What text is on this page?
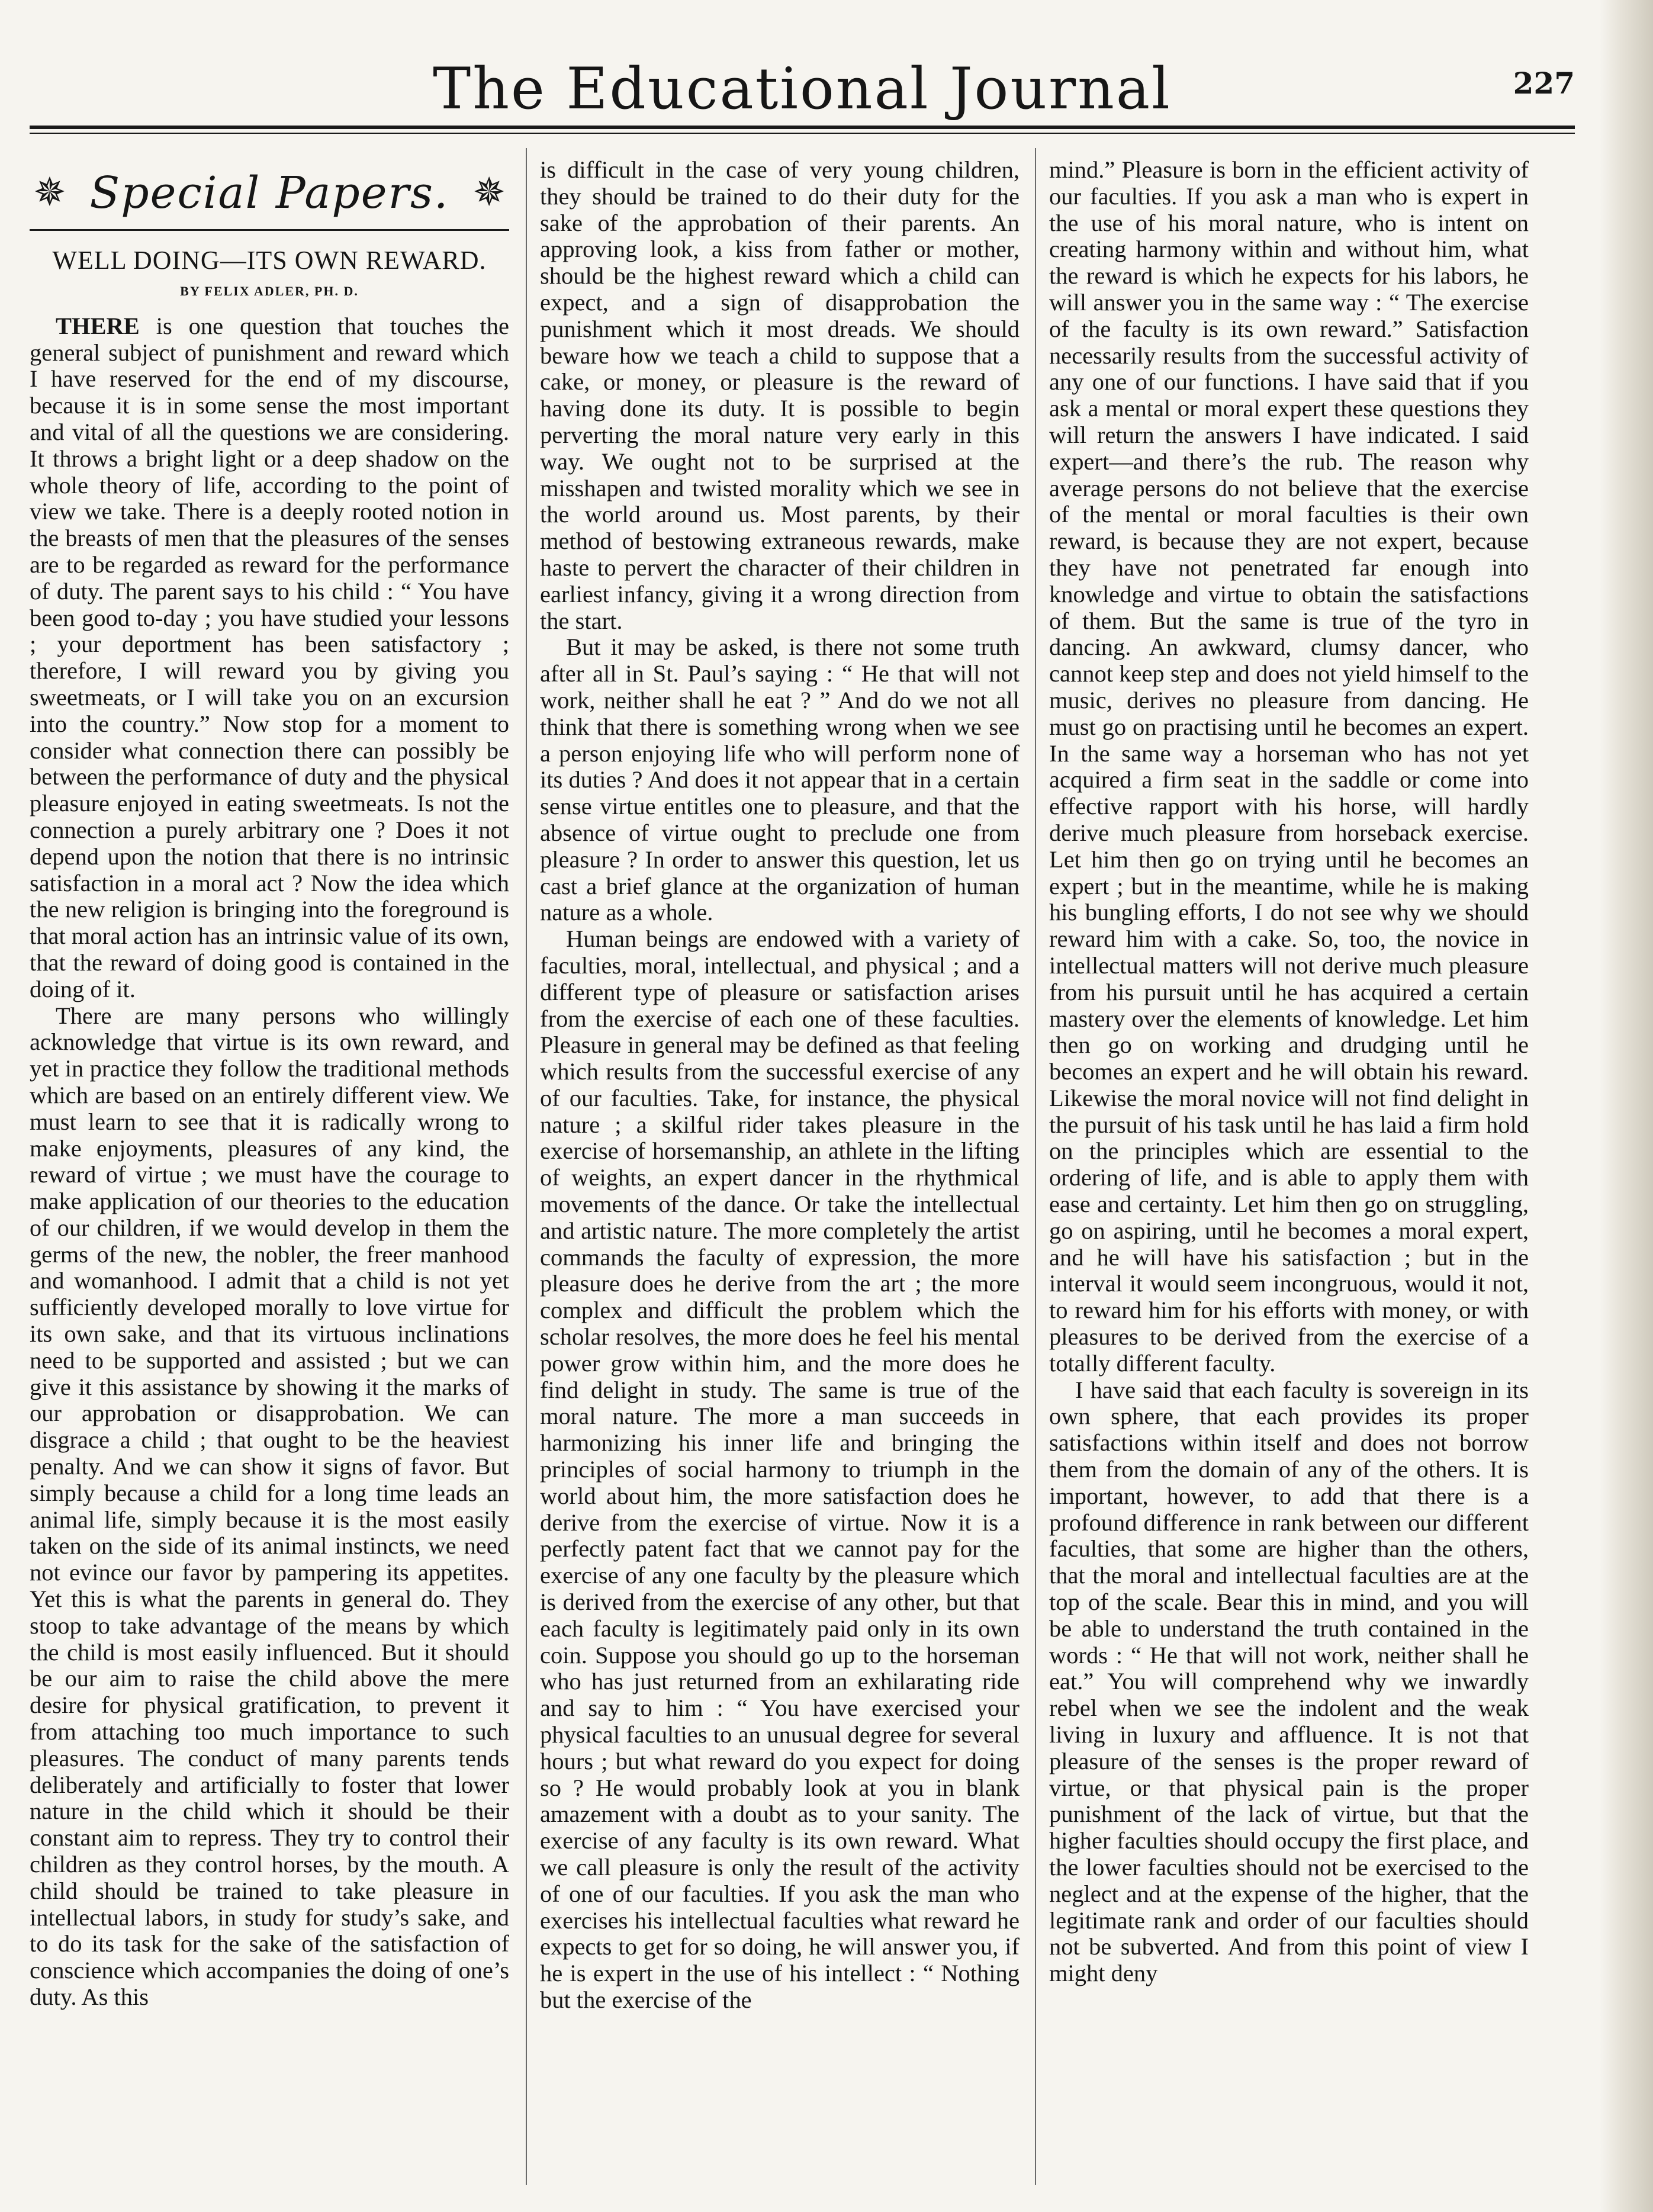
The Educational Journal	227
✵ Special Papers. ✵
WELL DOING—ITS OWN REWARD.
BY FELIX ADLER, PH. D.

THERE is one question that touches the general subject of punishment and reward which I have reserved for the end of my discourse, because it is in some sense the most important and vital of all the questions we are considering. It throws a bright light or a deep shadow on the whole theory of life, according to the point of view we take. There is a deeply rooted notion in the breasts of men that the pleasures of the senses are to be regarded as reward for the performance of duty. The parent says to his child : “ You have been good to-day ; you have studied your lessons ; your deportment has been satisfactory ; therefore, I will reward you by giving you sweetmeats, or I will take you on an excursion into the country.” Now stop for a moment to consider what connection there can possibly be between the performance of duty and the physical pleasure enjoyed in eating sweetmeats. Is not the connection a purely arbitrary one ? Does it not depend upon the notion that there is no intrinsic satisfaction in a moral act ? Now the idea which the new religion is bringing into the foreground is that moral action has an intrinsic value of its own, that the reward of doing good is contained in the doing of it.

There are many persons who willingly acknowledge that virtue is its own reward, and yet in practice they follow the traditional methods which are based on an entirely different view. We must learn to see that it is radically wrong to make enjoyments, pleasures of any kind, the reward of virtue ; we must have the courage to make application of our theories to the education of our children, if we would develop in them the germs of the new, the nobler, the freer manhood and womanhood. I admit that a child is not yet sufficiently developed morally to love virtue for its own sake, and that its virtuous inclinations need to be supported and assisted ; but we can give it this assistance by showing it the marks of our approbation or disapprobation. We can disgrace a child ; that ought to be the heaviest penalty. And we can show it signs of favor. But simply because a child for a long time leads an animal life, simply because it is the most easily taken on the side of its animal instincts, we need not evince our favor by pampering its appetites. Yet this is what the parents in general do. They stoop to take advantage of the means by which the child is most easily influenced. But it should be our aim to raise the child above the mere desire for physical gratification, to prevent it from attaching too much importance to such pleasures. The conduct of many parents tends deliberately and artificially to foster that lower nature in the child which it should be their constant aim to repress. They try to control their children as they control horses, by the mouth. A child should be trained to take pleasure in intellectual labors, in study for study’s sake, and to do its task for the sake of the satisfaction of conscience which accompanies the doing of one’s duty. As this

is difficult in the case of very young children, they should be trained to do their duty for the sake of the approbation of their parents. An approving look, a kiss from father or mother, should be the highest reward which a child can expect, and a sign of disapprobation the punishment which it most dreads. We should beware how we teach a child to suppose that a cake, or money, or pleasure is the reward of having done its duty. It is possible to begin perverting the moral nature very early in this way. We ought not to be surprised at the misshapen and twisted morality which we see in the world around us. Most parents, by their method of bestowing extraneous rewards, make haste to pervert the character of their children in earliest infancy, giving it a wrong direction from the start.

But it may be asked, is there not some truth after all in St. Paul’s saying : “ He that will not work, neither shall he eat ? ” And do we not all think that there is something wrong when we see a person enjoying life who will perform none of its duties ? And does it not appear that in a certain sense virtue entitles one to pleasure, and that the absence of virtue ought to preclude one from pleasure ? In order to answer this question, let us cast a brief glance at the organization of human nature as a whole.

Human beings are endowed with a variety of faculties, moral, intellectual, and physical ; and a different type of pleasure or satisfaction arises from the exercise of each one of these faculties. Pleasure in general may be defined as that feeling which results from the successful exercise of any of our faculties. Take, for instance, the physical nature ; a skilful rider takes pleasure in the exercise of horsemanship, an athlete in the lifting of weights, an expert dancer in the rhythmical movements of the dance. Or take the intellectual and artistic nature. The more completely the artist commands the faculty of expression, the more pleasure does he derive from the art ; the more complex and difficult the problem which the scholar resolves, the more does he feel his mental power grow within him, and the more does he find delight in study. The same is true of the moral nature. The more a man succeeds in harmonizing his inner life and bringing the principles of social harmony to triumph in the world about him, the more satisfaction does he derive from the exercise of virtue. Now it is a perfectly patent fact that we cannot pay for the exercise of any one faculty by the pleasure which is derived from the exercise of any other, but that each faculty is legitimately paid only in its own coin. Suppose you should go up to the horseman who has just returned from an exhilarating ride and say to him : “ You have exercised your physical faculties to an unusual degree for several hours ; but what reward do you expect for doing so ? He would probably look at you in blank amazement with a doubt as to your sanity. The exercise of any faculty is its own reward. What we call pleasure is only the result of the activity of one of our faculties. If you ask the man who exercises his intellectual faculties what reward he expects to get for so doing, he will answer you, if he is expert in the use of his intellect : “ Nothing but the exercise of the

mind.” Pleasure is born in the efficient activity of our faculties. If you ask a man who is expert in the use of his moral nature, who is intent on creating harmony within and without him, what the reward is which he expects for his labors, he will answer you in the same way : “ The exercise of the faculty is its own reward.” Satisfaction necessarily results from the successful activity of any one of our functions. I have said that if you ask a mental or moral expert these questions they will return the answers I have indicated. I said expert—and there’s the rub. The reason why average persons do not believe that the exercise of the mental or moral faculties is their own reward, is because they are not expert, because they have not penetrated far enough into knowledge and virtue to obtain the satisfactions of them. But the same is true of the tyro in dancing. An awkward, clumsy dancer, who cannot keep step and does not yield himself to the music, derives no pleasure from dancing. He must go on practising until he becomes an expert. In the same way a horseman who has not yet acquired a firm seat in the saddle or come into effective rapport with his horse, will hardly derive much pleasure from horseback exercise. Let him then go on trying until he becomes an expert ; but in the meantime, while he is making his bungling efforts, I do not see why we should reward him with a cake. So, too, the novice in intellectual matters will not derive much pleasure from his pursuit until he has acquired a certain mastery over the elements of knowledge. Let him then go on working and drudging until he becomes an expert and he will obtain his reward. Likewise the moral novice will not find delight in the pursuit of his task until he has laid a firm hold on the principles which are essential to the ordering of life, and is able to apply them with ease and certainty. Let him then go on struggling, go on aspiring, until he becomes a moral expert, and he will have his satisfaction ; but in the interval it would seem incongruous, would it not, to reward him for his efforts with money, or with pleasures to be derived from the exercise of a totally different faculty.

I have said that each faculty is sovereign in its own sphere, that each provides its proper satisfactions within itself and does not borrow them from the domain of any of the others. It is important, however, to add that there is a profound difference in rank between our different faculties, that some are higher than the others, that the moral and intellectual faculties are at the top of the scale. Bear this in mind, and you will be able to understand the truth contained in the words : “ He that will not work, neither shall he eat.” You will comprehend why we inwardly rebel when we see the indolent and the weak living in luxury and affluence. It is not that pleasure of the senses is the proper reward of virtue, or that physical pain is the proper punishment of the lack of virtue, but that the higher faculties should occupy the first place, and the lower faculties should not be exercised to the neglect and at the expense of the higher, that the legitimate rank and order of our faculties should not be subverted. And from this point of view I might deny
